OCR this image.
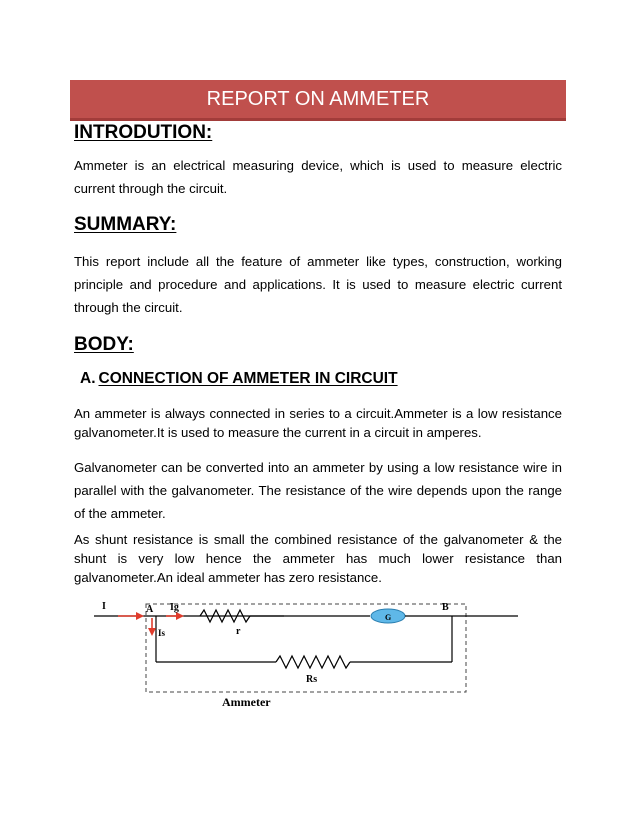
REPORT ON AMMETER
INTRODUTION:
Ammeter is an electrical measuring device, which is used to measure electric current through the circuit.
SUMMARY:
This report include all the feature of ammeter like types, construction, working principle and procedure and applications. It is used to measure electric current through the circuit.
BODY:
A. CONNECTION OF AMMETER IN CIRCUIT
An ammeter is always connected in series to a circuit.Ammeter is a low resistance galvanometer.It is used to measure the current in a circuit in amperes.
Galvanometer can be converted into an ammeter by using a low resistance wire in parallel with the galvanometer. The resistance of the wire depends upon the range of the ammeter.
As shunt resistance is small the combined resistance of the galvanometer & the shunt is very low hence the ammeter has much lower resistance than galvanometer.An ideal ammeter has zero resistance.
I	A Ig
r
G
B
Is
Rs
Ammeter
